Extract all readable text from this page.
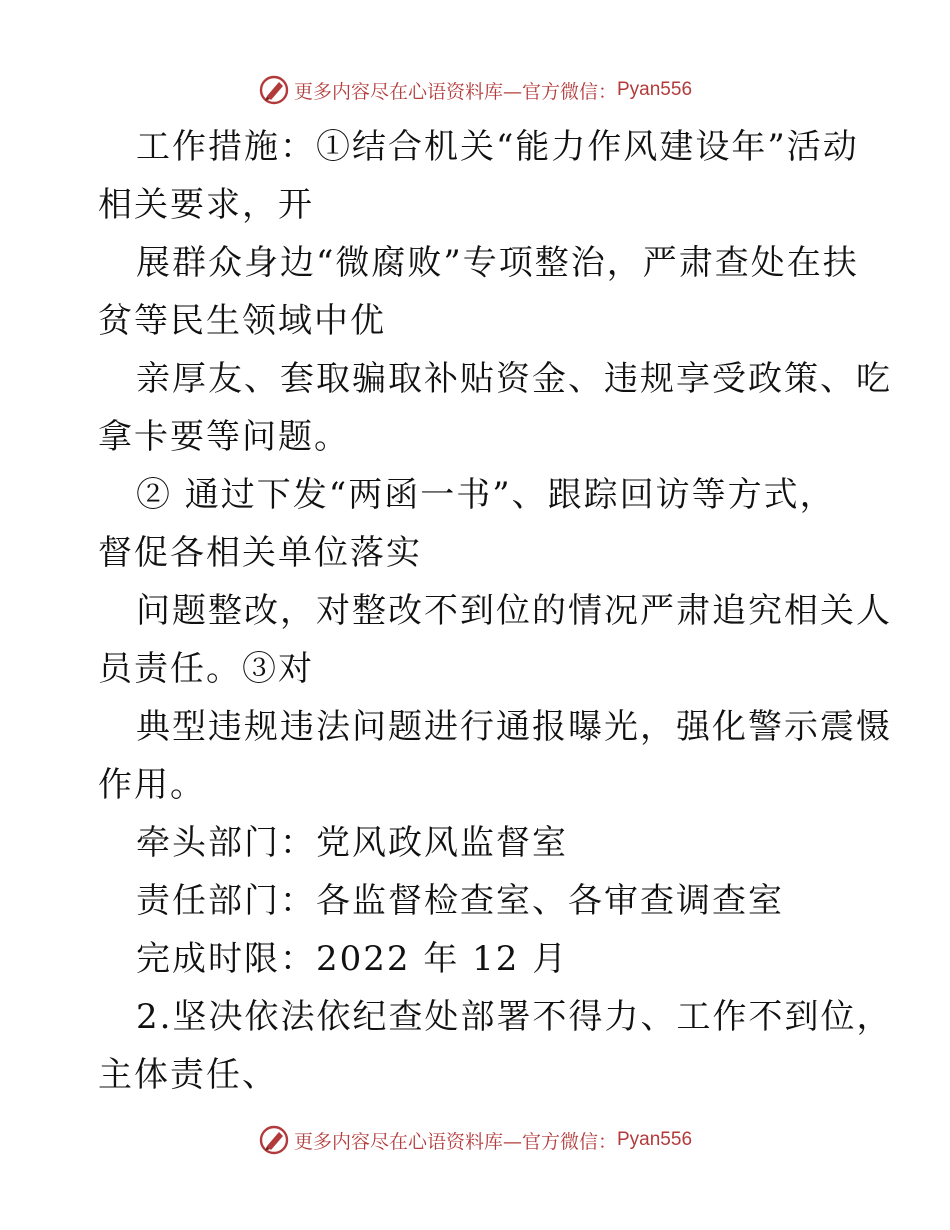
更多内容尽在心语资料库—官方微信： Pyan556
工作措施：①结合机关“能力作风建设年”活动
相关要求，开
展群众身边“微腐败”专项整治，严肃查处在扶
贫等民生领域中优
亲厚友、套取骗取补贴资金、违规享受政策、吃
拿卡要等问题。
② 通过下发“两函一书”、跟踪回访等方式，
督促各相关单位落实
问题整改，对整改不到位的情况严肃追究相关人
员责任。③对
典型违规违法问题进行通报曝光，强化警示震慑
作用。
牵头部门：党风政风监督室
责任部门：各监督检查室、各审查调查室
完成时限：2022 年 12 月
2.坚决依法依纪查处部署不得力、工作不到位，
主体责任、
更多内容尽在心语资料库—官方微信： Pyan556
